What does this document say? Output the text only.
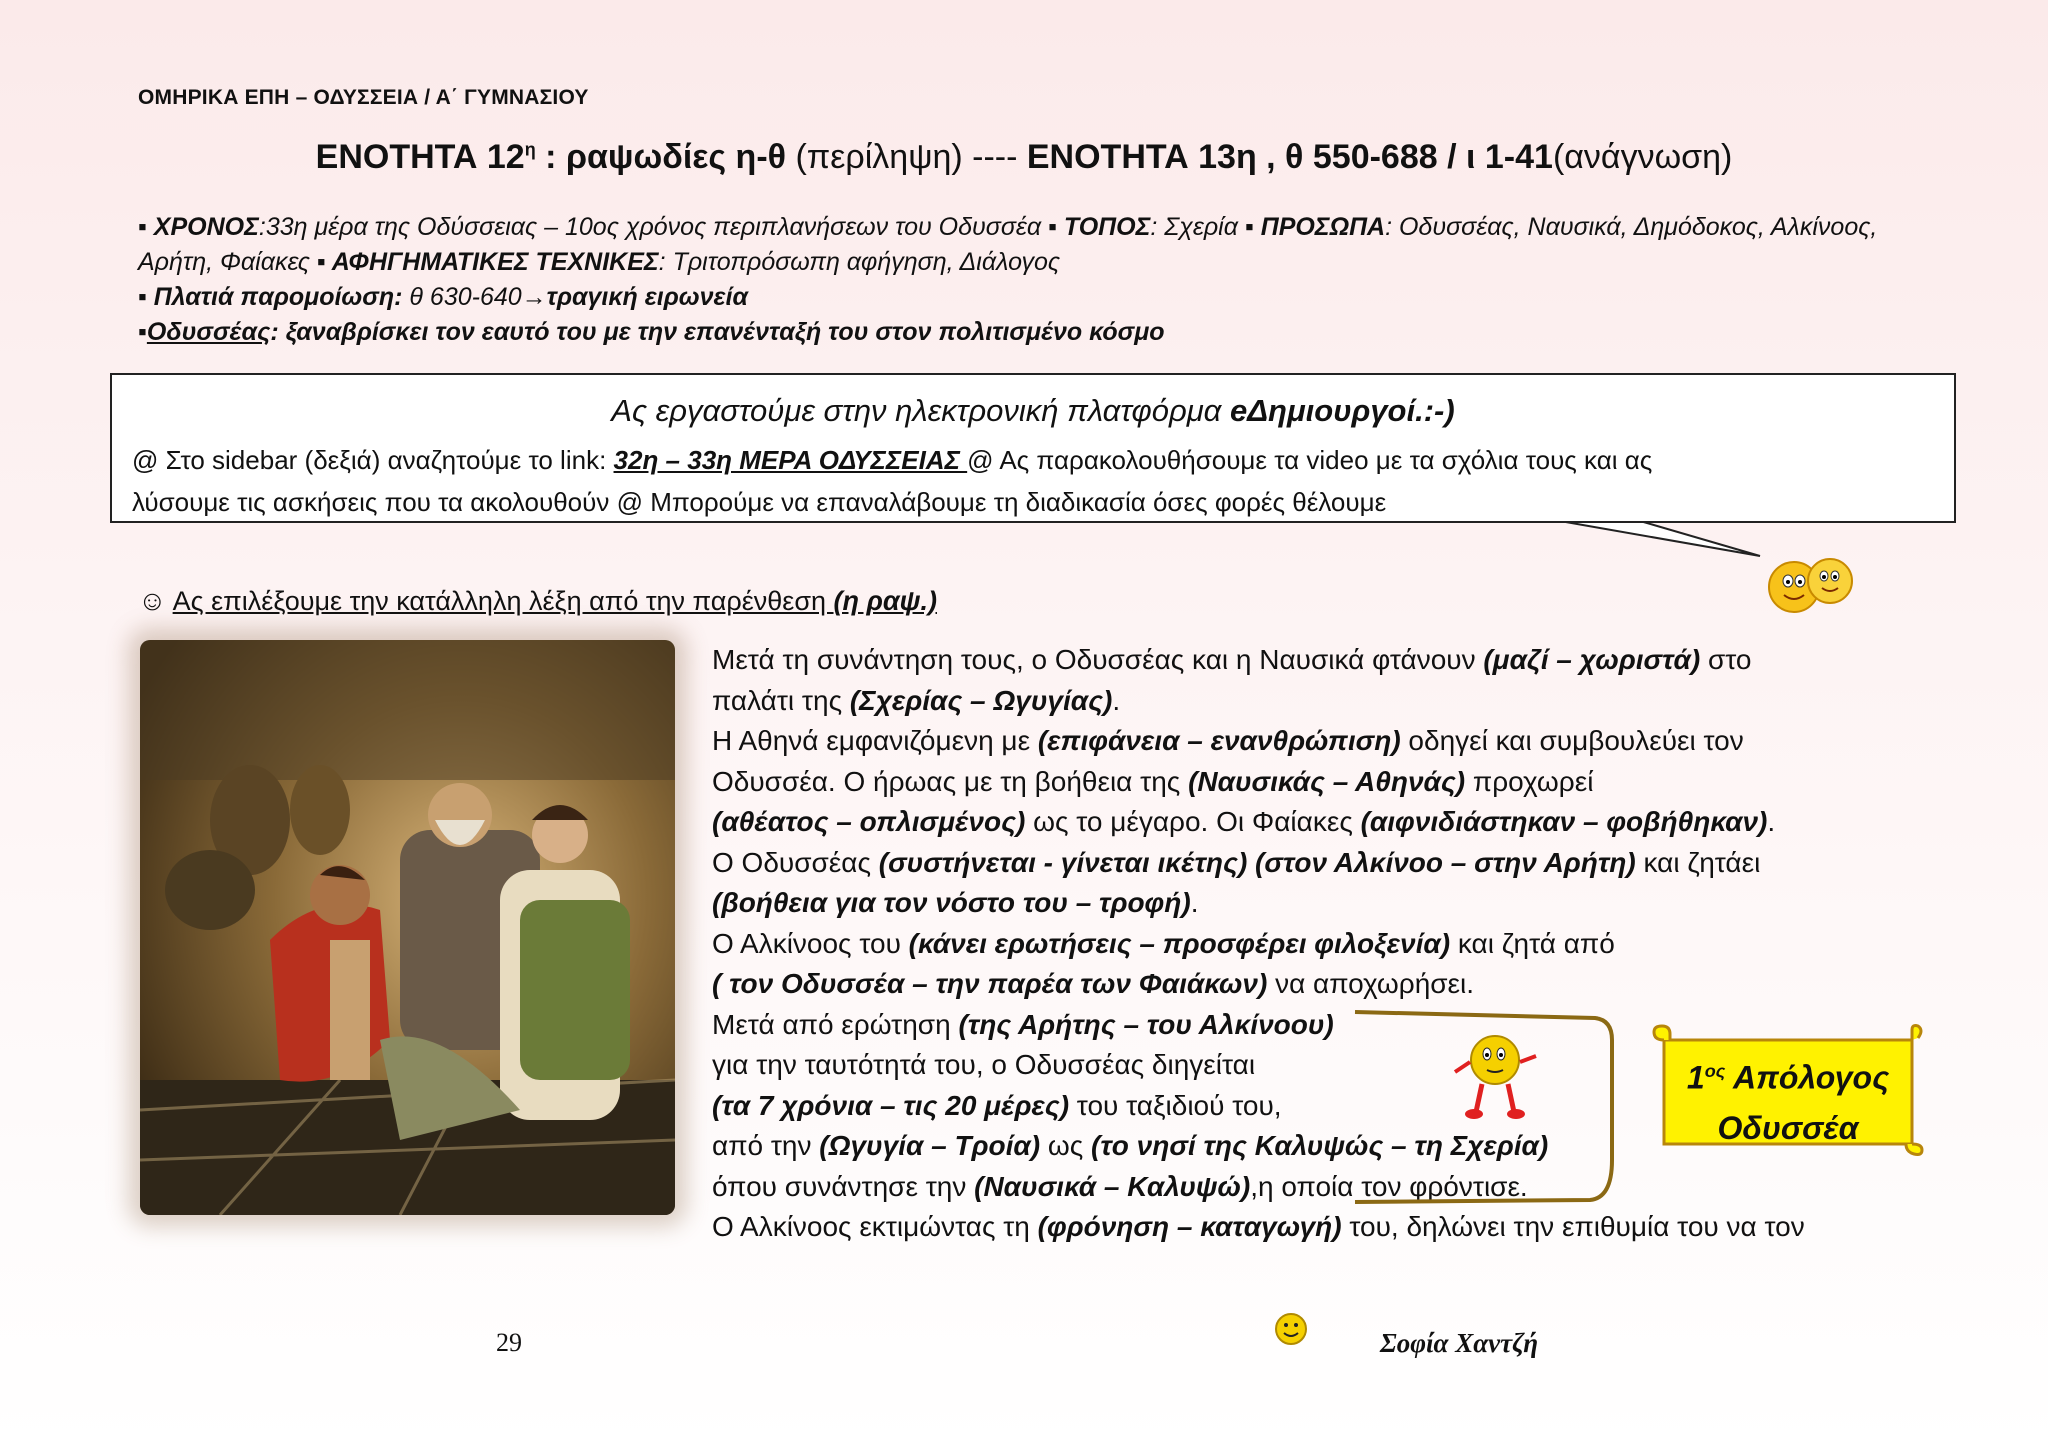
ΟΜΗΡΙΚΑ ΕΠΗ – ΟΔΥΣΣΕΙΑ / Α΄ ΓΥΜΝΑΣΙΟΥ
ΕΝΟΤΗΤΑ $12^\eta$ : ραψωδίες η-θ (περίληψη) ---- ΕΝΟΤΗΤΑ 13η , θ 550-688 / ι 1-41(ανάγνωση)
▪ ΧΡΟΝΟΣ:33η μέρα της Οδύσσειας – 10ος χρόνος περιπλανήσεων του Οδυσσέα ▪ ΤΟΠΟΣ: Σχερία ▪ ΠΡΟΣΩΠΑ: Οδυσσέας, Ναυσικά, Δημόδοκος, Αλκίνοος, Αρήτη, Φαίακες ▪ ΑΦΗΓΗΜΑΤΙΚΕΣ ΤΕΧΝΙΚΕΣ: Τριτοπρόσωπη αφήγηση, Διάλογος
▪ Πλατιά παρομοίωση: θ 630-640→τραγική ειρωνεία
▪Οδυσσέας: ξαναβρίσκει τον εαυτό του με την επανένταξή του στον πολιτισμένο κόσμο
Ας εργαστούμε στην ηλεκτρονική πλατφόρμα eΔημιουργοί.:-)
@ Στο sidebar (δεξιά) αναζητούμε το link: 32η – 33η ΜΕΡΑ ΟΔΥΣΣΕΙΑΣ @ Ας παρακολουθήσουμε τα video με τα σχόλια τους και ας
λύσουμε τις ασκήσεις που τα ακολουθούν @ Μπορούμε να επαναλάβουμε τη διαδικασία όσες φορές θέλουμε
☺ Ας επιλέξουμε την κατάλληλη λέξη από την παρένθεση (η ραψ.)
Μετά τη συνάντηση τους, ο Οδυσσέας και η Ναυσικά φτάνουν (μαζί – χωριστά) στο
παλάτι της (Σχερίας – Ωγυγίας).
Η Αθηνά εμφανιζόμενη με (επιφάνεια – ενανθρώπιση) οδηγεί και συμβουλεύει τον
Οδυσσέα. Ο ήρωας με τη βοήθεια της (Ναυσικάς – Αθηνάς) προχωρεί
(αθέατος – οπλισμένος) ως το μέγαρο. Οι Φαίακες (αιφνιδιάστηκαν – φοβήθηκαν).
Ο Οδυσσέας (συστήνεται - γίνεται ικέτης) (στον Αλκίνοο – στην Αρήτη) και ζητάει
(βοήθεια για τον νόστο του – τροφή).
Ο Αλκίνοος του (κάνει ερωτήσεις – προσφέρει φιλοξενία) και ζητά από
( τον Οδυσσέα – την παρέα των Φαιάκων) να αποχωρήσει.
Μετά από ερώτηση (της Αρήτης – του Αλκίνοου)
για την ταυτότητά του, ο Οδυσσέας διηγείται
(τα 7 χρόνια – τις 20 μέρες) του ταξιδιού του,
από την (Ωγυγία – Τροία) ως (το νησί της Καλυψώς – τη Σχερία)
όπου συνάντησε την (Ναυσικά – Καλυψώ),η οποία τον φρόντισε.
Ο Αλκίνοος εκτιμώντας τη (φρόνηση – καταγωγή) του, δηλώνει την επιθυμία του να τον
$1^{o\varsigma}$ Απόλογος
Οδυσσέα
29	Σοφία Χαντζή
